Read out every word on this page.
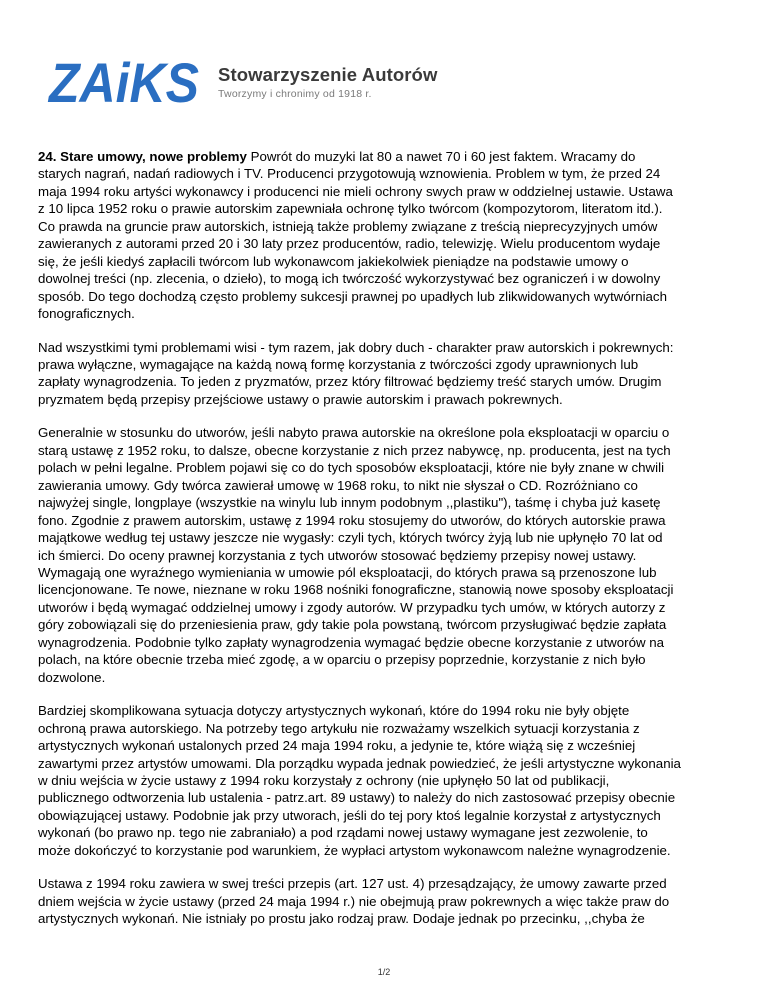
ZAiKS Stowarzyszenie Autorów
Tworzymy i chronimy od 1918 r.

24. Stare umowy, nowe problemy Powrót do muzyki lat 80 a nawet 70 i 60 jest faktem. Wracamy do
starych nagrań, nadań radiowych i TV. Producenci przygotowują wznowienia. Problem w tym, że przed 24
maja 1994 roku artyści wykonawcy i producenci nie mieli ochrony swych praw w oddzielnej ustawie. Ustawa
z 10 lipca 1952 roku o prawie autorskim zapewniała ochronę tylko twórcom (kompozytorom, literatom itd.).
Co prawda na gruncie praw autorskich, istnieją także problemy związane z treścią nieprecyzyjnych umów
zawieranych z autorami przed 20 i 30 laty przez producentów, radio, telewizję. Wielu producentom wydaje
się, że jeśli kiedyś zapłacili twórcom lub wykonawcom jakiekolwiek pieniądze na podstawie umowy o
dowolnej treści (np. zlecenia, o dzieło), to mogą ich twórczość wykorzystywać bez ograniczeń i w dowolny
sposób. Do tego dochodzą często problemy sukcesji prawnej po upadłych lub zlikwidowanych wytwórniach
fonograficznych.

Nad wszystkimi tymi problemami wisi - tym razem, jak dobry duch - charakter praw autorskich i pokrewnych:
prawa wyłączne, wymagające na każdą nową formę korzystania z twórczości zgody uprawnionych lub
zapłaty wynagrodzenia. To jeden z pryzmatów, przez który filtrować będziemy treść starych umów. Drugim
pryzmatem będą przepisy przejściowe ustawy o prawie autorskim i prawach pokrewnych.

Generalnie w stosunku do utworów, jeśli nabyto prawa autorskie na określone pola eksploatacji w oparciu o
starą ustawę z 1952 roku, to dalsze, obecne korzystanie z nich przez nabywcę, np. producenta, jest na tych
polach w pełni legalne. Problem pojawi się co do tych sposobów eksploatacji, które nie były znane w chwili
zawierania umowy. Gdy twórca zawierał umowę w 1968 roku, to nikt nie słyszał o CD. Rozróżniano co
najwyżej single, longplaye (wszystkie na winylu lub innym podobnym ,,plastiku"), taśmę i chyba już kasetę
fono. Zgodnie z prawem autorskim, ustawę z 1994 roku stosujemy do utworów, do których autorskie prawa
majątkowe według tej ustawy jeszcze nie wygasły: czyli tych, których twórcy żyją lub nie upłynęło 70 lat od
ich śmierci. Do oceny prawnej korzystania z tych utworów stosować będziemy przepisy nowej ustawy.
Wymagają one wyraźnego wymieniania w umowie pól eksploatacji, do których prawa są przenoszone lub
licencjonowane. Te nowe, nieznane w roku 1968 nośniki fonograficzne, stanowią nowe sposoby eksploatacji
utworów i będą wymagać oddzielnej umowy i zgody autorów. W przypadku tych umów, w których autorzy z
góry zobowiązali się do przeniesienia praw, gdy takie pola powstaną, twórcom przysługiwać będzie zapłata
wynagrodzenia. Podobnie tylko zapłaty wynagrodzenia wymagać będzie obecne korzystanie z utworów na
polach, na które obecnie trzeba mieć zgodę, a w oparciu o przepisy poprzednie, korzystanie z nich było
dozwolone.

Bardziej skomplikowana sytuacja dotyczy artystycznych wykonań, które do 1994 roku nie były objęte
ochroną prawa autorskiego. Na potrzeby tego artykułu nie rozważamy wszelkich sytuacji korzystania z
artystycznych wykonań ustalonych przed 24 maja 1994 roku, a jedynie te, które wiążą się z wcześniej
zawartymi przez artystów umowami. Dla porządku wypada jednak powiedzieć, że jeśli artystyczne wykonania
w dniu wejścia w życie ustawy z 1994 roku korzystały z ochrony (nie upłynęło 50 lat od publikacji,
publicznego odtworzenia lub ustalenia - patrz.art. 89 ustawy) to należy do nich zastosować przepisy obecnie
obowiązującej ustawy. Podobnie jak przy utworach, jeśli do tej pory ktoś legalnie korzystał z artystycznych
wykonań (bo prawo np. tego nie zabraniało) a pod rządami nowej ustawy wymagane jest zezwolenie, to
może dokończyć to korzystanie pod warunkiem, że wypłaci artystom wykonawcom należne wynagrodzenie.

Ustawa z 1994 roku zawiera w swej treści przepis (art. 127 ust. 4) przesądzający, że umowy zawarte przed
dniem wejścia w życie ustawy (przed 24 maja 1994 r.) nie obejmują praw pokrewnych a więc także praw do
artystycznych wykonań. Nie istniały po prostu jako rodzaj praw. Dodaje jednak po przecinku, ,,chyba że

1/2
